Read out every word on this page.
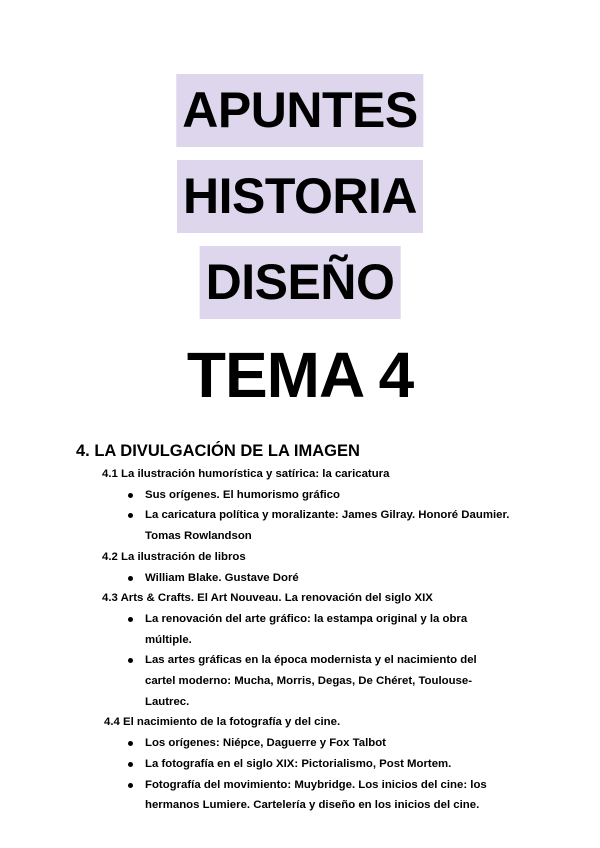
APUNTES
HISTORIA
DISEÑO
TEMA 4
4. LA DIVULGACIÓN DE LA IMAGEN
4.1 La ilustración humorística y satírica: la caricatura
Sus orígenes. El humorismo gráfico
La caricatura política y moralizante: James Gilray. Honoré Daumier. Tomas Rowlandson
4.2 La ilustración de libros
William Blake. Gustave Doré
4.3 Arts & Crafts. El Art Nouveau. La renovación del siglo XIX
La renovación del arte gráfico: la estampa original y la obra múltiple.
Las artes gráficas en la época modernista y el nacimiento del cartel moderno: Mucha, Morris, Degas, De Chéret, Toulouse-Lautrec.
4.4 El nacimiento de la fotografía y del cine.
Los orígenes: Niépce, Daguerre y Fox Talbot
La fotografía en el siglo XIX: Pictorialismo, Post Mortem.
Fotografía del movimiento: Muybridge. Los inicios del cine: los hermanos Lumiere. Cartelería y diseño en los inicios del cine.
